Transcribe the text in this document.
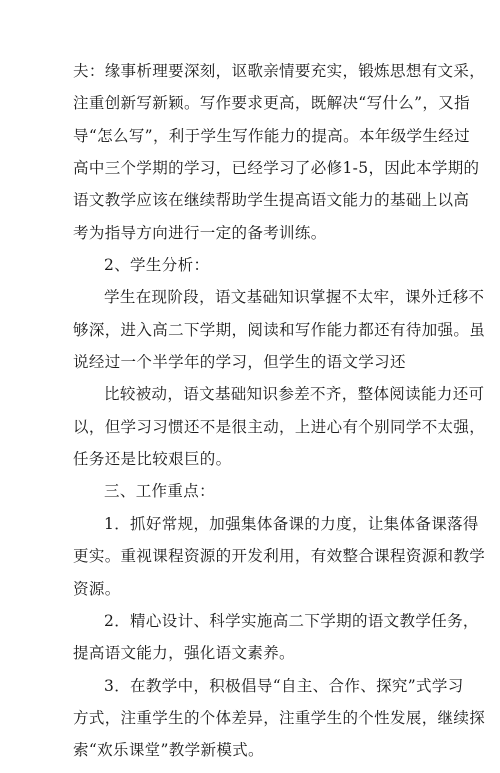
夫：缘事析理要深刻，讴歌亲情要充实，锻炼思想有文采，
注重创新写新颖。写作要求更高，既解决“写什么”，又指
导“怎么写”，利于学生写作能力的提高。本年级学生经过
高中三个学期的学习，已经学习了必修1-5，因此本学期的
语文教学应该在继续帮助学生提高语文能力的基础上以高
考为指导方向进行一定的备考训练。
2、学生分析：
学生在现阶段，语文基础知识掌握不太牢，课外迁移不
够深，进入高二下学期，阅读和写作能力都还有待加强。虽
说经过一个半学年的学习，但学生的语文学习还
比较被动，语文基础知识参差不齐，整体阅读能力还可
以，但学习习惯还不是很主动，上进心有个别同学不太强，
任务还是比较艰巨的。
三、工作重点：
1．抓好常规，加强集体备课的力度，让集体备课落得
更实。重视课程资源的开发利用，有效整合课程资源和教学
资源。
2．精心设计、科学实施高二下学期的语文教学任务，
提高语文能力，强化语文素养。
3．在教学中，积极倡导“自主、合作、探究”式学习
方式，注重学生的个体差异，注重学生的个性发展，继续探
索“欢乐课堂”教学新模式。
